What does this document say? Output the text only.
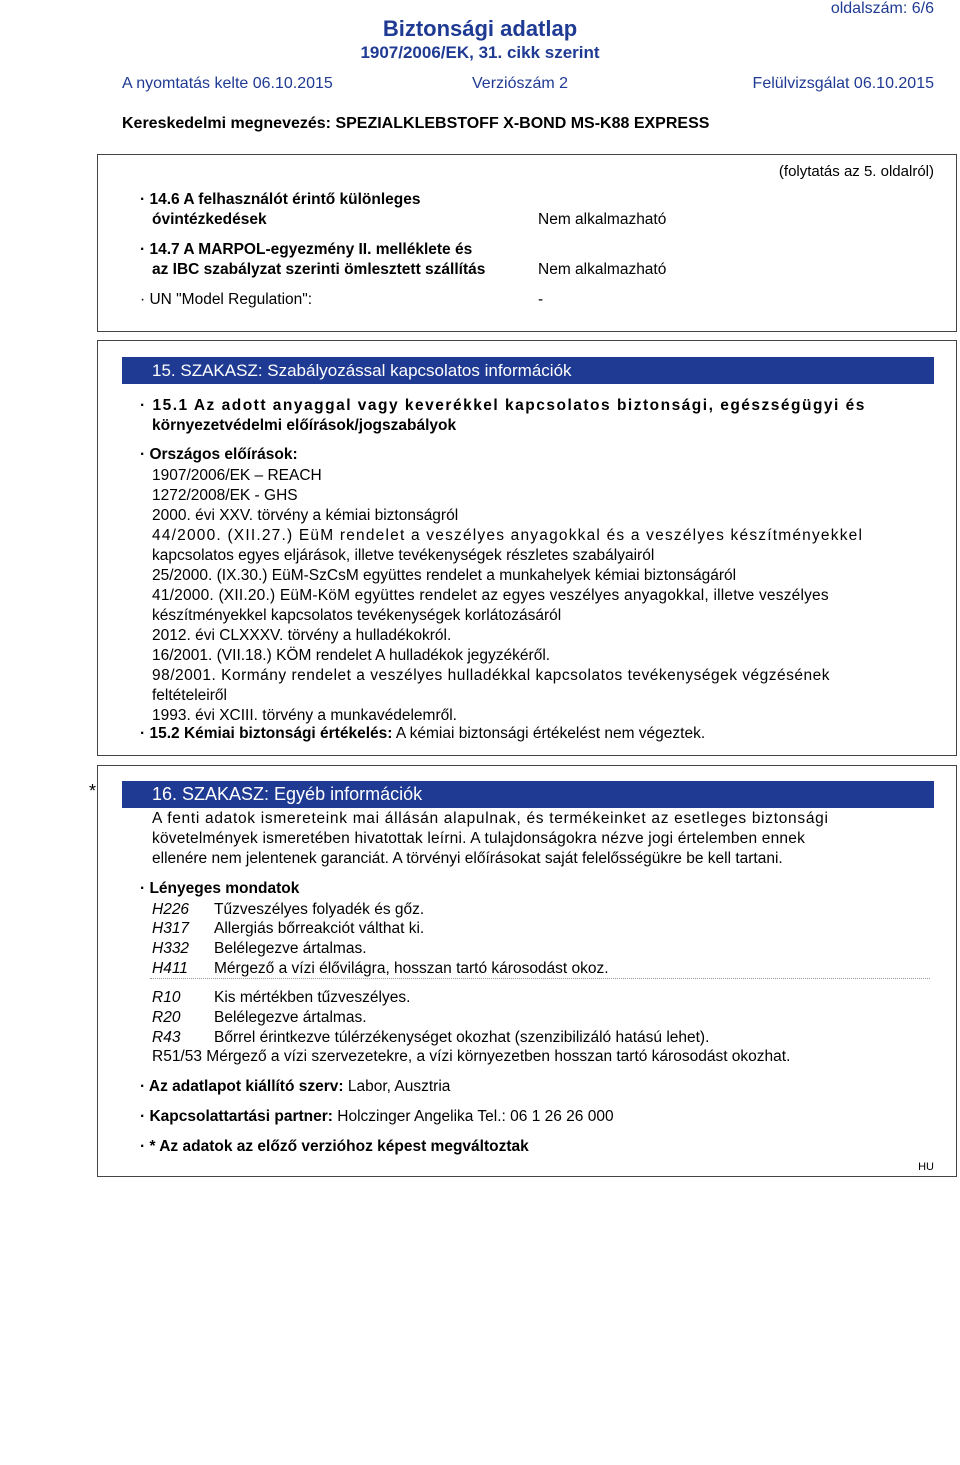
oldalszám: 6/6
Biztonsági adatlap
1907/2006/EK, 31. cikk szerint
A nyomtatás kelte 06.10.2015	Verziószám 2	Felülvizsgálat 06.10.2015
Kereskedelmi megnevezés: SPEZIALKLEBSTOFF X-BOND MS-K88 EXPRESS
(folytatás az 5. oldalról)
· 14.6 A felhasználót érintő különleges
óvintézkedések	Nem alkalmazható
· 14.7 A MARPOL-egyezmény II. melléklete és
az IBC szabályzat szerinti ömlesztett szállítás	Nem alkalmazható
· UN "Model Regulation":	-
15. SZAKASZ: Szabályozással kapcsolatos információk
· 15.1 Az adott anyaggal vagy keverékkel kapcsolatos biztonsági, egészségügyi és
környezetvédelmi előírások/jogszabályok
· Országos előírások:
1907/2006/EK – REACH
1272/2008/EK - GHS
2000. évi XXV. törvény a kémiai biztonságról
44/2000. (XII.27.) EüM rendelet a veszélyes anyagokkal és a veszélyes készítményekkel
kapcsolatos egyes eljárások, illetve tevékenységek részletes szabályairól
25/2000. (IX.30.) EüM-SzCsM együttes rendelet a munkahelyek kémiai biztonságáról
41/2000. (XII.20.) EüM-KöM együttes rendelet az egyes veszélyes anyagokkal, illetve veszélyes
készítményekkel kapcsolatos tevékenységek korlátozásáról
2012. évi CLXXXV. törvény a hulladékokról.
16/2001. (VII.18.) KÖM rendelet A hulladékok jegyzékéről.
98/2001. Kormány rendelet a veszélyes hulladékkal kapcsolatos tevékenységek végzésének
feltételeiről
1993. évi XCIII. törvény a munkavédelemről.
· 15.2 Kémiai biztonsági értékelés: A kémiai biztonsági értékelést nem végeztek.
*	16. SZAKASZ: Egyéb információk
A fenti adatok ismereteink mai állásán alapulnak, és termékeinket az esetleges biztonsági
követelmények ismeretében hivatottak leírni. A tulajdonságokra nézve jogi értelemben ennek
ellenére nem jelentenek garanciát. A törvényi előírásokat saját felelősségükre be kell tartani.
· Lényeges mondatok
H226 Tűzveszélyes folyadék és gőz.
H317 Allergiás bőrreakciót válthat ki.
H332 Belélegezve ártalmas.
H411 Mérgező a vízi élővilágra, hosszan tartó károsodást okoz.
R10 Kis mértékben tűzveszélyes.
R20 Belélegezve ártalmas.
R43 Bőrrel érintkezve túlérzékenységet okozhat (szenzibilizáló hatású lehet).
R51/53 Mérgező a vízi szervezetekre, a vízi környezetben hosszan tartó károsodást okozhat.
· Az adatlapot kiállító szerv: Labor, Ausztria
· Kapcsolattartási partner: Holczinger Angelika Tel.: 06 1 26 26 000
· * Az adatok az előző verzióhoz képest megváltoztak
HU
